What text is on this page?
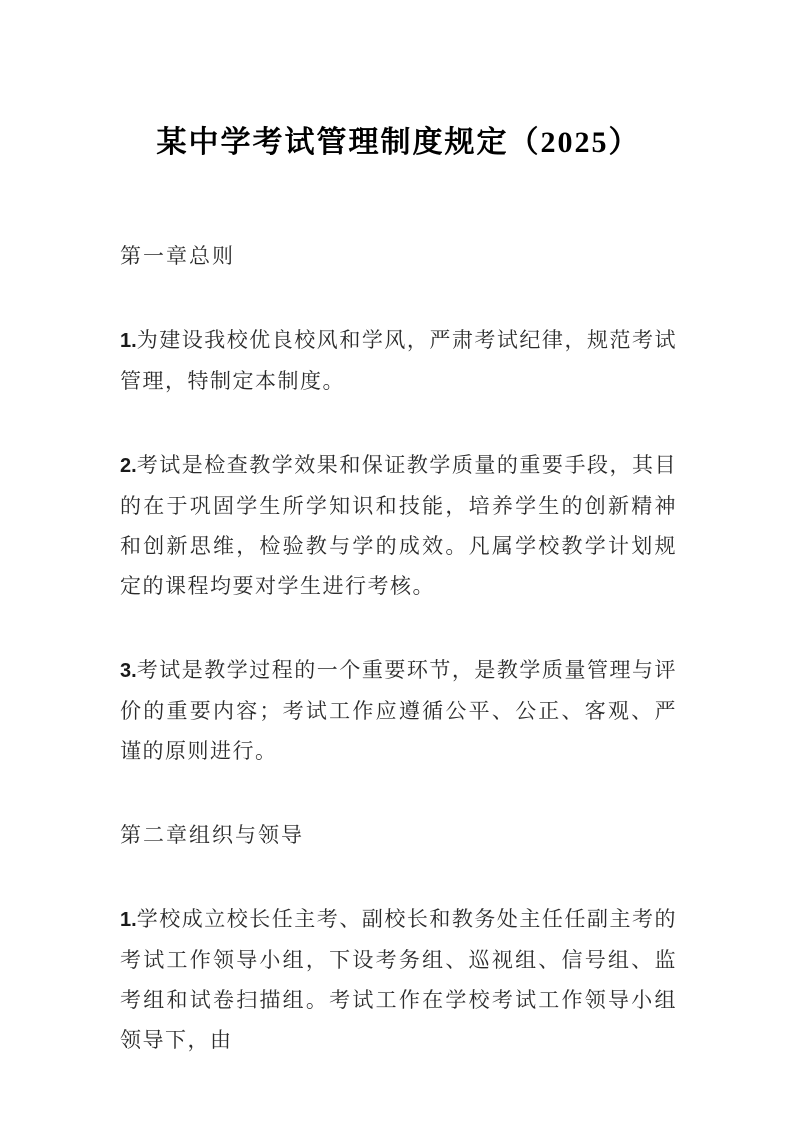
某中学考试管理制度规定（2025）
第一章总则

1.为建设我校优良校风和学风，严肃考试纪律，规范考试管理，特制定本制度。

2.考试是检查教学效果和保证教学质量的重要手段，其目的在于巩固学生所学知识和技能，培养学生的创新精神和创新思维，检验教与学的成效。凡属学校教学计划规定的课程均要对学生进行考核。

3.考试是教学过程的一个重要环节，是教学质量管理与评价的重要内容；考试工作应遵循公平、公正、客观、严谨的原则进行。

第二章组织与领导

1.学校成立校长任主考、副校长和教务处主任任副主考的考试工作领导小组，下设考务组、巡视组、信号组、监考组和试卷扫描组。考试工作在学校考试工作领导小组领导下，由
